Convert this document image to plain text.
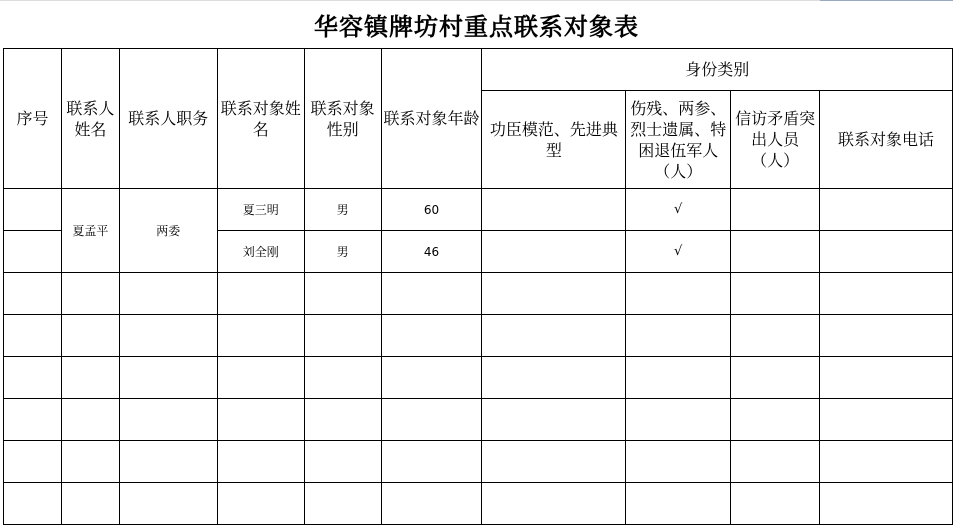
华容镇牌坊村重点联系对象表
序号	联系人姓名	联系人职务	联系对象姓名	联系对象性别	联系对象年龄	身份类别			
						功臣模范、先进典型	伤残、两参、烈士遗属、特困退伍军人（人）	信访矛盾突出人员（人）	联系对象电话
	夏孟平	两委	夏三明	男	60		√		
			刘全刚	男	46		√		
